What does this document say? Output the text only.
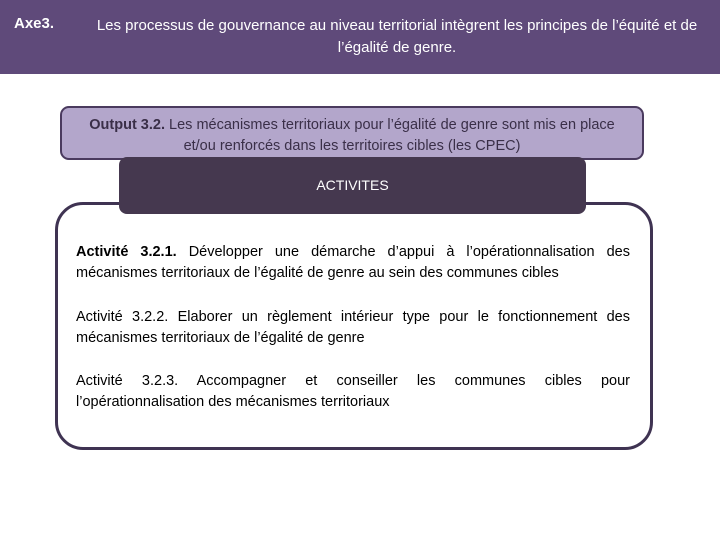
Axe3.	Les processus de gouvernance au niveau territorial intègrent les principes de l’équité et de l’égalité de genre.
Output 3.2. Les mécanismes territoriaux pour l’égalité de genre sont mis en place et/ou renforcés dans les territoires cibles (les CPEC)
ACTIVITES
Activité 3.2.1. Développer une démarche d’appui à l’opérationnalisation des mécanismes territoriaux de l’égalité de genre au sein des communes cibles
Activité 3.2.2. Elaborer un règlement intérieur type pour le fonctionnement des mécanismes territoriaux de l’égalité de genre
Activité 3.2.3. Accompagner et conseiller les communes cibles pour l’opérationnalisation des mécanismes territoriaux
